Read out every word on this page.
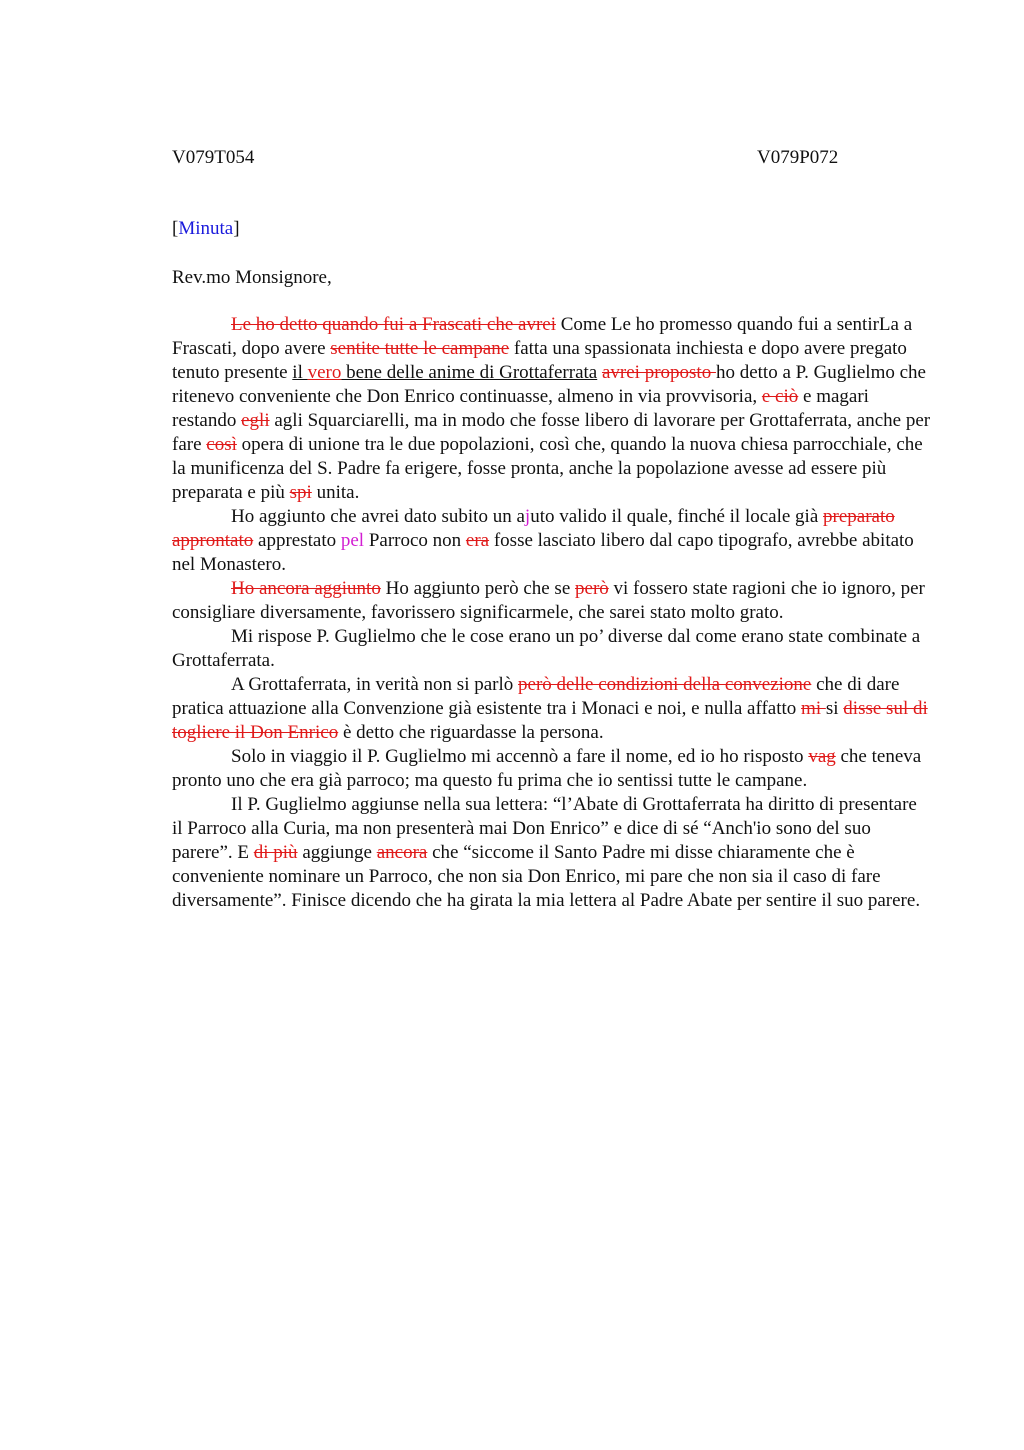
V079T054	V079P072
[Minuta]
Rev.mo Monsignore,

Le ho detto quando fui a Frascati che avrei Come Le ho promesso quando fui a sentirLa a Frascati, dopo avere sentite tutte le campane fatta una spassionata inchiesta e dopo avere pregato tenuto presente il vero bene delle anime di Grottaferrata avrei proposto ho detto a P. Guglielmo che ritenevo conveniente che Don Enrico continuasse, almeno in via provvisoria, e ciò e magari restando egli agli Squarciarelli, ma in modo che fosse libero di lavorare per Grottaferrata, anche per fare così opera di unione tra le due popolazioni, così che, quando la nuova chiesa parrocchiale, che la munificenza del S. Padre fa erigere, fosse pronta, anche la popolazione avesse ad essere più preparata e più spi unita.

Ho aggiunto che avrei dato subito un ajuto valido il quale, finché il locale già preparato approntato apprestato pel Parroco non era fosse lasciato libero dal capo tipografo, avrebbe abitato nel Monastero.

Ho ancora aggiunto Ho aggiunto però che se però vi fossero state ragioni che io ignoro, per consigliare diversamente, favorissero significarmele, che sarei stato molto grato.

Mi rispose P. Guglielmo che le cose erano un po’ diverse dal come erano state combinate a Grottaferrata.

A Grottaferrata, in verità non si parlò però delle condizioni della convezione che di dare pratica attuazione alla Convenzione già esistente tra i Monaci e noi, e nulla affatto mi si disse sul di togliere il Don Enrico è detto che riguardasse la persona.

Solo in viaggio il P. Guglielmo mi accennò a fare il nome, ed io ho risposto vag che teneva pronto uno che era già parroco; ma questo fu prima che io sentissi tutte le campane.

Il P. Guglielmo aggiunse nella sua lettera: “l’Abate di Grottaferrata ha diritto di presentare il Parroco alla Curia, ma non presenterà mai Don Enrico” e dice di sé “Anch'io sono del suo parere”. E di più aggiunge ancora che “siccome il Santo Padre mi disse chiaramente che è conveniente nominare un Parroco, che non sia Don Enrico, mi pare che non sia il caso di fare diversamente”. Finisce dicendo che ha girata la mia lettera al Padre Abate per sentire il suo parere.
